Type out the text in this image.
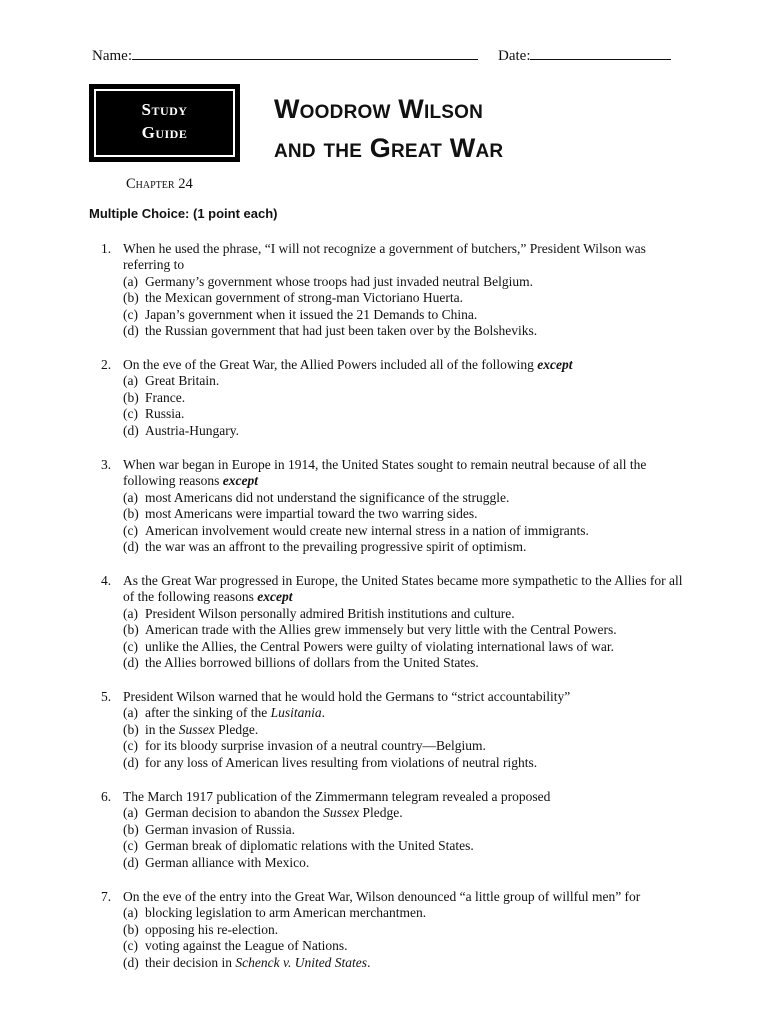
Name:	Date:
Study
Guide
Woodrow Wilson
and the Great War
Chapter 24
Multiple Choice: (1 point each)
1. When he used the phrase, “I will not recognize a government of butchers,” President Wilson was referring to
(a) Germany’s government whose troops had just invaded neutral Belgium.
(b) the Mexican government of strong-man Victoriano Huerta.
(c) Japan’s government when it issued the 21 Demands to China.
(d) the Russian government that had just been taken over by the Bolsheviks.
2. On the eve of the Great War, the Allied Powers included all of the following except
(a) Great Britain.
(b) France.
(c) Russia.
(d) Austria-Hungary.
3. When war began in Europe in 1914, the United States sought to remain neutral because of all the following reasons except
(a) most Americans did not understand the significance of the struggle.
(b) most Americans were impartial toward the two warring sides.
(c) American involvement would create new internal stress in a nation of immigrants.
(d) the war was an affront to the prevailing progressive spirit of optimism.
4. As the Great War progressed in Europe, the United States became more sympathetic to the Allies for all of the following reasons except
(a) President Wilson personally admired British institutions and culture.
(b) American trade with the Allies grew immensely but very little with the Central Powers.
(c) unlike the Allies, the Central Powers were guilty of violating international laws of war.
(d) the Allies borrowed billions of dollars from the United States.
5. President Wilson warned that he would hold the Germans to “strict accountability”
(a) after the sinking of the Lusitania.
(b) in the Sussex Pledge.
(c) for its bloody surprise invasion of a neutral country—Belgium.
(d) for any loss of American lives resulting from violations of neutral rights.
6. The March 1917 publication of the Zimmermann telegram revealed a proposed
(a) German decision to abandon the Sussex Pledge.
(b) German invasion of Russia.
(c) German break of diplomatic relations with the United States.
(d) German alliance with Mexico.
7. On the eve of the entry into the Great War, Wilson denounced “a little group of willful men” for
(a) blocking legislation to arm American merchantmen.
(b) opposing his re-election.
(c) voting against the League of Nations.
(d) their decision in Schenck v. United States.
